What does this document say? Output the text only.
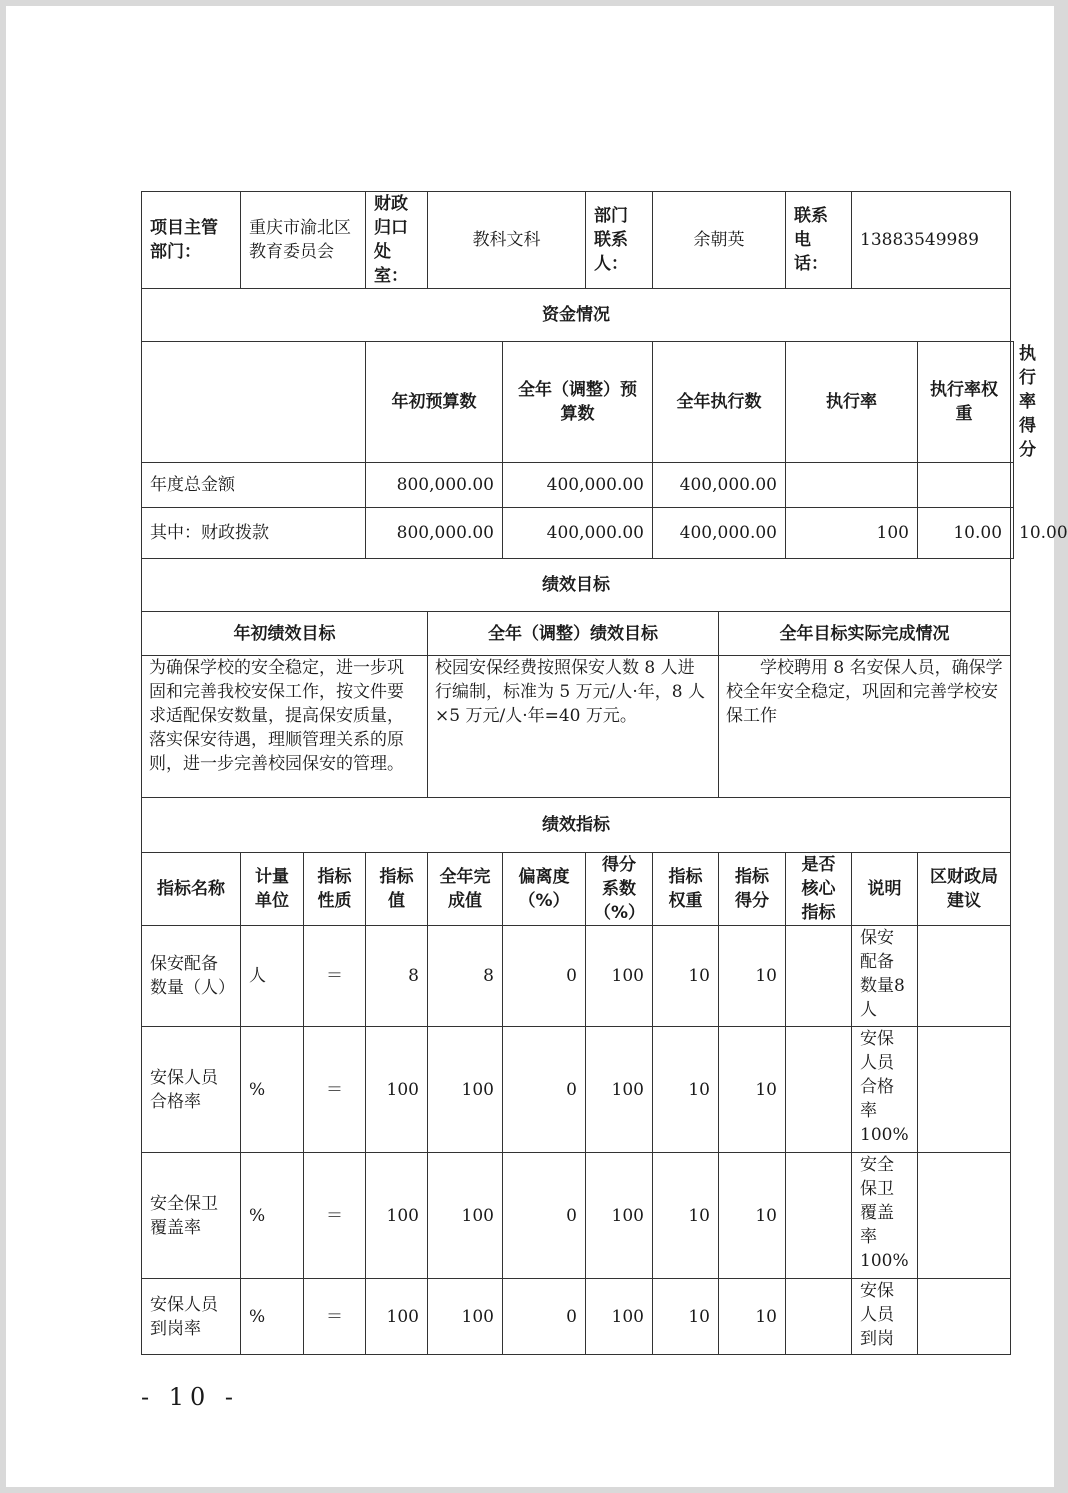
项目主管部门：	重庆市渝北区教育委员会		财政归口处室：	教科文科		部门联系人：	余朝英		联系电话：	13883549989		
资金情况												
			年初预算数		全年（调整）预算数		全年执行数		执行率		执行率权重	执行率得分
年度总金额			800,000.00		400,000.00		400,000.00					
其中：财政拨款			800,000.00		400,000.00		400,000.00		100		10.00	10.00
绩效目标												
年初绩效目标				全年（调整）绩效目标				全年目标实际完成情况				
为确保学校的安全稳定，进一步巩固和完善我校安保工作，按文件要求适配保安数量，提高保安质量，落实保安待遇，理顺管理关系的原则，进一步完善校园保安的管理。				校园安保经费按照保安人数 8 人进行编制，标准为 5 万元/人·年，8 人×5 万元/人·年=40 万元。				学校聘用 8 名安保人员，确保学校全年安全稳定，巩固和完善学校安保工作				
绩效指标												
指标名称	计量单位	指标性质	指标值	全年完成值	偏离度（%）	得分系数（%）	指标权重	指标得分	是否核心指标	说明	区财政局建议	
保安配备数量（人）	人	＝	8	8	0	100	10	10		保安配备数量8人		
安保人员合格率	%	＝	100	100	0	100	10	10		安保人员合格率100%		
安全保卫覆盖率	%	＝	100	100	0	100	10	10		安全保卫覆盖率100%		
安保人员到岗率	%	＝	100	100	0	100	10	10		安保人员到岗		
- 10 -
